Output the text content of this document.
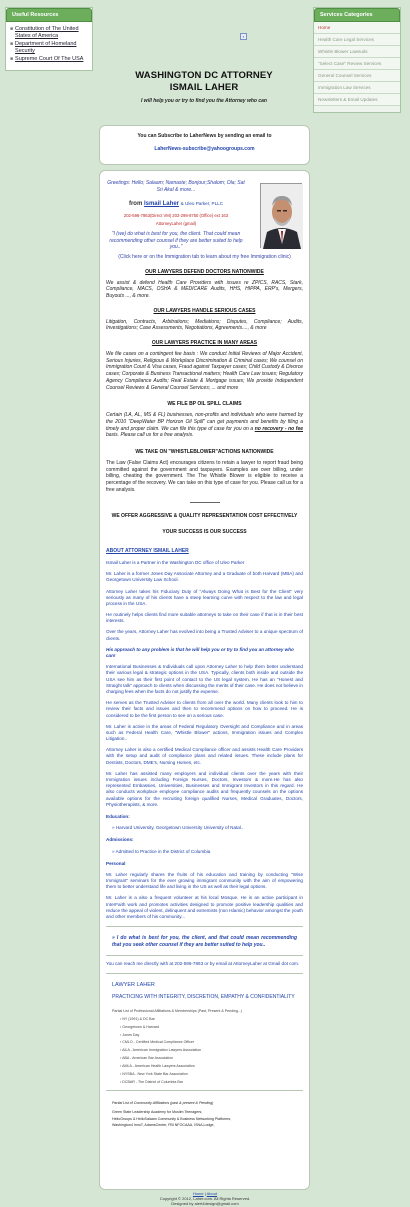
Useful Resources
■ Constitution of The United States of America
■ Department of Homeland Security
■ Supreme Court Of The USA
▪
Services Categories
Home
Health Care Legal Services
Whistle Blower Lawsuits
"Select Case" Review Services
General Counsel Services
Immigration Law Services
Newsletters & Email Updates
WASHINGTON DC ATTORNEY
ISMAIL LAHER
I will help you or try to find you the Attorney who can
You can Subscribe to LaherNews by sending an email to
LaherNews-subscribe@yahoogroups.com
Greetings: Hello; Salaam; Namaste; Bonjour;Shalom; Ola; Sat Sri Akal & more...
from Ismail Laher & Uleo Parker, PLLC
202-596-7863(Direct VM) 202-298-8750 (Office) ext 163
AttorneyLaher (gmail)
"I (we) do what is best for you, the client. That could mean recommending other counsel if they are better suited to help you.."
(Click here or on the Immigration tab to learn about my free Immigration clinic)
OUR LAWYERS DEFEND DOCTORS NATIONWIDE
We assist & defend Health Care Providers with issues re ZPICS, RACS, Stark, Compliance, MACS, OSHA & MEDICARE Audits, HHS, HIPPA, ERP's, Mergers, Buyouts ..., & more.
OUR LAWYERS HANDLE SERIOUS CASES
Litigation, Contracts, Arbitrations; Mediations; Disputes, Compliance; Audits, Investigations; Case Assessments, Negotiations, Agreements...., & more
OUR LAWYERS PRACTICE IN MANY AREAS
We file cases on a contingent fee basis : We conduct Initial Reviews of Major Accident, Serious Injuries, Religious & Workplace Discrimination & Criminal cases; We counsel on Immigration Court & Visa cases, Fraud against Taxpayer cases; Child Custody & Divorce cases; Corporate & Business Transactional matters; Health Care Law issues; Regulatory Agency Compliance Audits; Real Estate & Mortgage issues; We provide Independent Counsel Reviews & General Counsel Services; ... and more
WE FILE BP OIL SPILL CLAIMS
Certain (LA, AL, MS & FL) businesses, non-profits and individuals who were harmed by the 2010 "DeepWater BP Horizon Oil Spill" can get payments and benefits by filing a timely and proper claim. We can file this type of case for you on a no recovery - no fee basis. Please call us for a free analysis.
WE TAKE ON "WHISTLEBLOWER"ACTIONS NATIONWIDE
The Law (False Claims Act) encourages citizens to retain a lawyer to report fraud being committed against the government and taxpayers. Examples are over billing, under billing, cheating the government. The The Whistle Blower is eligible to receive a percentage of the recovery. We can take on this type of case for you. Please call us for a free analysis.
WE OFFER AGGRESSIVE & QUALITY REPRESENTATION COST EFFECTIVELY
YOUR SUCCESS IS OUR SUCCESS
ABOUT ATTORNEY ISMAIL LAHER
Ismail Laher is a Partner in the Washington DC office of Uleo Parker
Mr. Laher is a former Jones Day Associate Attorney and a Graduate of both Harvard (MBA) and Georgetown University Law School.
Attorney Laher takes his Fiduciary Duty of "Always Doing What is Best for the Client" very seriously as many of his clients have a steep learning curve with respect to the law and legal process in the USA.
He routinely helps clients find more suitable attorneys to take on their case if that is in their best interests.
Over the years, Attorney Laher has evolved into being a Trusted Adviser to a unique spectrum of clients.
His approach to any problem is that he will help you or try to find you an attorney who can!
International Businesses & Individuals call upon Attorney Laher to help them better understand their various legal & strategic options in the USA. Typically, clients both inside and outside the USA see him as their first point of contact to the US legal system. He has an "Honest and Straight talk" approach to clients when discussing the merits of their case. He does not believe in charging fees when the facts do not justify the expense.
He serves as the Trusted Adviser to clients from all over the world. Many clients look to him to review their facts and issues and then to recommend options on how to proceed. He is considered to be the first person to see on a serious case.
Mr. Laher is active in the areas of Federal Regulatory Oversight and Compliance and in areas such as Federal Health Care, "Whistle Blower" actions, Immigration issues and Complex Litigation..
Attorney Laher is also a certified Medical Compliance officer and assists Health Care Providers with the setup and audit of compliance plans and related issues. These include plans for Dentists, Doctors, DME's, Nursing Homes, etc.
Mr. Laher has assisted many employers and individual clients over the years with their Immigration issues including Foreign Nurses, Doctors, Investors & more.He has also represented Embassies, Universities, Businesses and Immigrant Investors in this regard. He also conducts workplace employee compliance audits and frequently counsels on the options available options for the recruiting foreign qualified Nurses, Medical Graduates, Doctors, Physiotherapists, & more.
Education:
» Harvard University, Georgetown University University of Natal..
Admissions:
» Admitted to Practice in the District of Columbia
Personal
Mr. Laher regularly shares the fruits of his education and training by conducting "Wise Immigrant" seminars for the ever growing immigrant community with the aim of empowering them to better understand life and living in the US as well as their legal options.
Mr. Laher is a also a frequent volunteer at his local Mosque. He is an active participant in InterFaith work and promotes activities designed to promote positive leadership qualities and reduce the appeal of violent, delinquent and extremists (non Islamic) behavior amongst the youth and other members of his community...
» I do what is best for you, the client, and that could mean recommending that you seek other counsel if they are better suited to help you..
You can reach me directly with at 202-596-7863 or by email at AttorneyLaher at Gmail dot com.
LAWYER LAHER
PRACTICING WITH INTEGRITY, DISCRETION, EMPATHY & CONFIDENTIALITY
Partial List of Professional Affiliations & Memberships (Past, Present & Pending...)
▪ NY (1991) & DC Bar
▪ Georgetown & Harvard
▪ Jones Day
▪ CMLO - Certified Medical Compliance Officer
▪ AILA - American Immigration Lawyers Association
▪ ABA - American Bar Association
▪ AMLA - American Health Lawyers Association
▪ NYSBA - New York State Bar Association
▪ DCBAR - The District of Columbia Bar
Partial List of Community Affiliations (past & present & Pending)
Green State Leadership Academy for Muslim Teenagers;
HelloGroups & HelloSalaam Community & Business Networking Platforms;
Washington4 InnoT, AdamsCenter, FBI NFOCAAA, ISNA,Lodge,
Home | About
Copyright © 2012, Laher.com. All Rights Reserved.
Designed by alert4design@gmail.com
